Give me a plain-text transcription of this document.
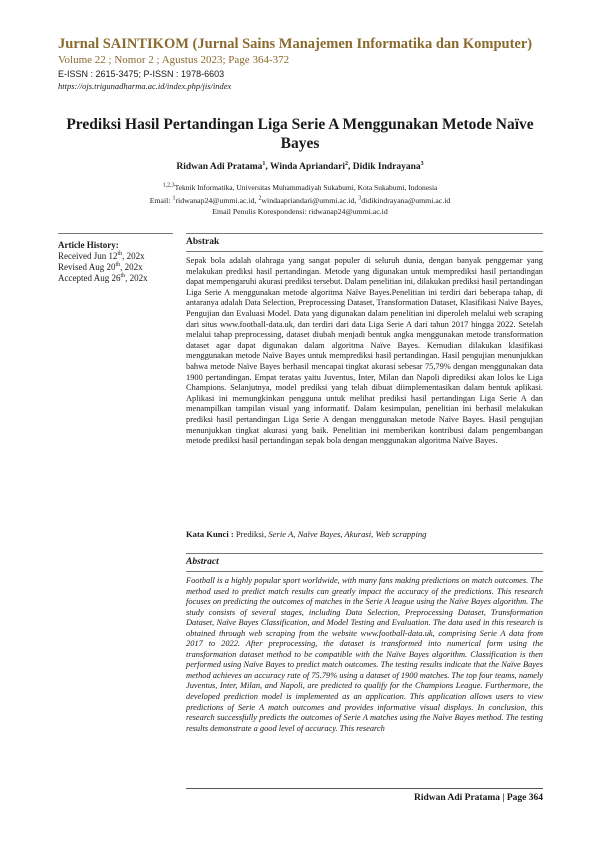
Jurnal SAINTIKOM (Jurnal Sains Manajemen Informatika dan Komputer)
Volume 22 ; Nomor 2 ; Agustus 2023; Page 364-372
E-ISSN : 2615-3475; P-ISSN : 1978-6603
https://ojs.trigunadharma.ac.id/index.php/jis/index
Prediksi Hasil Pertandingan Liga Serie A Menggunakan Metode Naïve Bayes
Ridwan Adi Pratama$^1$, Winda Apriandari$^2$, Didik Indrayana$^3$
$^{1,2,3}$Teknik Informatika, Universitas Muhammadiyah Sukabumi, Kota Sukabumi, Indonesia
Email: $^1$ridwanap24@ummi.ac.id, $^2$windaapriandari@ummi.ac.id, $^3$didikindrayana@ummi.ac.id
Email Penulis Korespondensi: ridwanap24@ummi.ac.id
Article History:
Received Jun 12th, 202x
Revised Aug 20th, 202x
Accepted Aug 26th, 202x
Abstrak
Sepak bola adalah olahraga yang sangat populer di seluruh dunia, dengan banyak penggemar yang melakukan prediksi hasil pertandingan. Metode yang digunakan untuk memprediksi hasil pertandingan dapat mempengaruhi akurasi prediksi tersebut. Dalam penelitian ini, dilakukan prediksi hasil pertandingan Liga Serie A menggunakan metode algoritma Naïve Bayes.Penelitian ini terdiri dari beberapa tahap, di antaranya adalah Data Selection, Preprocessing Dataset, Transformation Dataset, Klasifikasi Naïve Bayes, Pengujian dan Evaluasi Model. Data yang digunakan dalam penelitian ini diperoleh melalui web scraping dari situs www.football-data.uk, dan terdiri dari data Liga Serie A dari tahun 2017 hingga 2022. Setelah melalui tahap preprocessing, dataset diubah menjadi bentuk angka menggunakan metode transformation dataset agar dapat digunakan dalam algoritma Naïve Bayes. Kemudian dilakukan klasifikasi menggunakan metode Naïve Bayes untuk memprediksi hasil pertandingan. Hasil pengujian menunjukkan bahwa metode Naïve Bayes berhasil mencapai tingkat akurasi sebesar 75,79% dengan menggunakan data 1900 pertandingan. Empat teratas yaitu Juventus, Inter, Milan dan Napoli diprediksi akan lolos ke Liga Champions. Selanjutnya, model prediksi yang telah dibuat diimplementasikan dalam bentuk aplikasi. Aplikasi ini memungkinkan pengguna untuk melihat prediksi hasil pertandingan Liga Serie A dan menampilkan tampilan visual yang informatif. Dalam kesimpulan, penelitian ini berhasil melakukan prediksi hasil pertandingan Liga Serie A dengan menggunakan metode Naïve Bayes. Hasil pengujian menunjukkan tingkat akurasi yang baik. Penelitian ini memberikan kontribusi dalam pengembangan metode prediksi hasil pertandingan sepak bola dengan menggunakan algoritma Naïve Bayes.
Kata Kunci : Prediksi, Serie A, Naïve Bayes, Akurasi, Web scrapping
Abstract
Football is a highly popular sport worldwide, with many fans making predictions on match outcomes. The method used to predict match results can greatly impact the accuracy of the predictions. This research focuses on predicting the outcomes of matches in the Serie A league using the Naïve Bayes algorithm. The study consists of several stages, including Data Selection, Preprocessing Dataset, Transformation Dataset, Naïve Bayes Classification, and Model Testing and Evaluation. The data used in this research is obtained through web scraping from the website www.football-data.uk, comprising Serie A data from 2017 to 2022. After preprocessing, the dataset is transformed into numerical form using the transformation dataset method to be compatible with the Naïve Bayes algorithm. Classification is then performed using Naïve Bayes to predict match outcomes. The testing results indicate that the Naïve Bayes method achieves an accuracy rate of 75.79% using a dataset of 1900 matches. The top four teams, namely Juventus, Inter, Milan, and Napoli, are predicted to qualify for the Champions League. Furthermore, the developed prediction model is implemented as an application. This application allows users to view predictions of Serie A match outcomes and provides informative visual displays. In conclusion, this research successfully predicts the outcomes of Serie A matches using the Naïve Bayes method. The testing results demonstrate a good level of accuracy. This research
Ridwan Adi Pratama | Page 364
